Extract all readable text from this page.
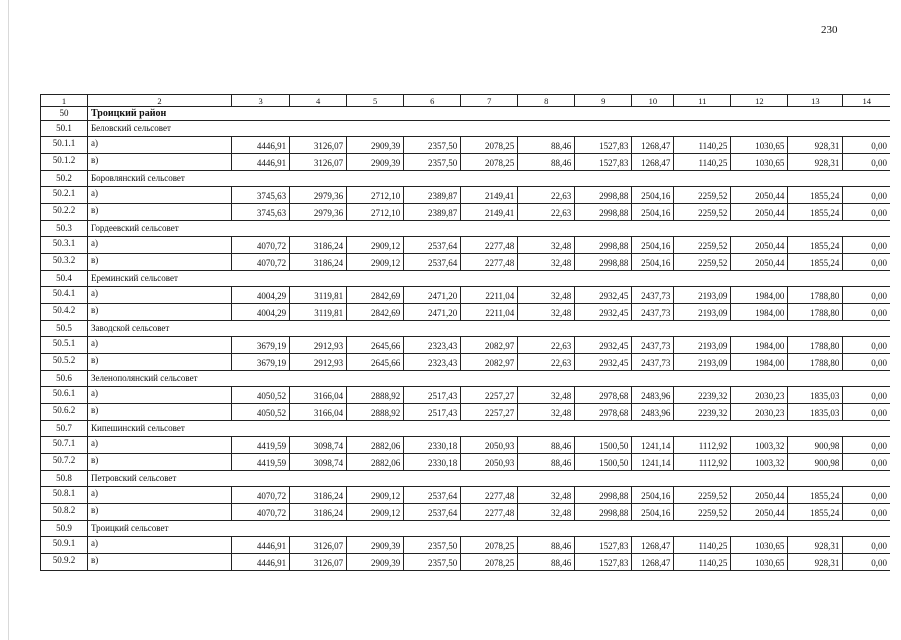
230
1	2	3	4	5	6	7	8	9	10	11	12	13	14
50	Троицкий район												
50.1	Беловский сельсовет												
50.1.1	а)	4446,91	3126,07	2909,39	2357,50	2078,25	88,46	1527,83	1268,47	1140,25	1030,65	928,31	0,00
50.1.2	в)	4446,91	3126,07	2909,39	2357,50	2078,25	88,46	1527,83	1268,47	1140,25	1030,65	928,31	0,00
50.2	Боровлянский сельсовет												
50.2.1	а)	3745,63	2979,36	2712,10	2389,87	2149,41	22,63	2998,88	2504,16	2259,52	2050,44	1855,24	0,00
50.2.2	в)	3745,63	2979,36	2712,10	2389,87	2149,41	22,63	2998,88	2504,16	2259,52	2050,44	1855,24	0,00
50.3	Гордеевский сельсовет												
50.3.1	а)	4070,72	3186,24	2909,12	2537,64	2277,48	32,48	2998,88	2504,16	2259,52	2050,44	1855,24	0,00
50.3.2	в)	4070,72	3186,24	2909,12	2537,64	2277,48	32,48	2998,88	2504,16	2259,52	2050,44	1855,24	0,00
50.4	Ереминский сельсовет												
50.4.1	а)	4004,29	3119,81	2842,69	2471,20	2211,04	32,48	2932,45	2437,73	2193,09	1984,00	1788,80	0,00
50.4.2	в)	4004,29	3119,81	2842,69	2471,20	2211,04	32,48	2932,45	2437,73	2193,09	1984,00	1788,80	0,00
50.5	Заводской сельсовет												
50.5.1	а)	3679,19	2912,93	2645,66	2323,43	2082,97	22,63	2932,45	2437,73	2193,09	1984,00	1788,80	0,00
50.5.2	в)	3679,19	2912,93	2645,66	2323,43	2082,97	22,63	2932,45	2437,73	2193,09	1984,00	1788,80	0,00
50.6	Зеленополянский сельсовет												
50.6.1	а)	4050,52	3166,04	2888,92	2517,43	2257,27	32,48	2978,68	2483,96	2239,32	2030,23	1835,03	0,00
50.6.2	в)	4050,52	3166,04	2888,92	2517,43	2257,27	32,48	2978,68	2483,96	2239,32	2030,23	1835,03	0,00
50.7	Кипешинский сельсовет												
50.7.1	а)	4419,59	3098,74	2882,06	2330,18	2050,93	88,46	1500,50	1241,14	1112,92	1003,32	900,98	0,00
50.7.2	в)	4419,59	3098,74	2882,06	2330,18	2050,93	88,46	1500,50	1241,14	1112,92	1003,32	900,98	0,00
50.8	Петровский сельсовет												
50.8.1	а)	4070,72	3186,24	2909,12	2537,64	2277,48	32,48	2998,88	2504,16	2259,52	2050,44	1855,24	0,00
50.8.2	в)	4070,72	3186,24	2909,12	2537,64	2277,48	32,48	2998,88	2504,16	2259,52	2050,44	1855,24	0,00
50.9	Троицкий сельсовет												
50.9.1	а)	4446,91	3126,07	2909,39	2357,50	2078,25	88,46	1527,83	1268,47	1140,25	1030,65	928,31	0,00
50.9.2	в)	4446,91	3126,07	2909,39	2357,50	2078,25	88,46	1527,83	1268,47	1140,25	1030,65	928,31	0,00
